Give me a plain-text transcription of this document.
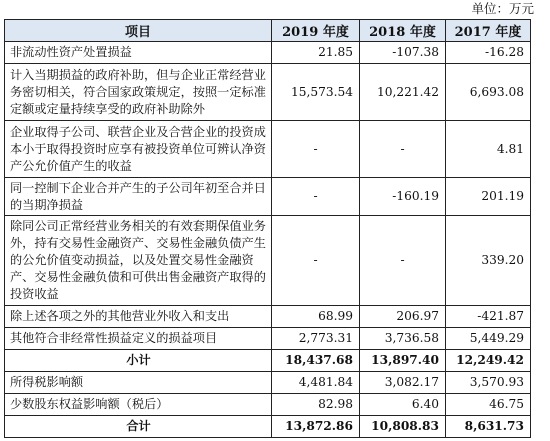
单位：万元
项目	2019 年度	2018 年度	2017 年度
非流动性资产处置损益	21.85	-107.38	-16.28
计入当期损益的政府补助，但与企业正常经营业务密切相关，符合国家政策规定，按照一定标准定额或定量持续享受的政府补助除外	15,573.54	10,221.42	6,693.08
企业取得子公司、联营企业及合营企业的投资成本小于取得投资时应享有被投资单位可辨认净资产公允价值产生的收益	-	-	4.81
同一控制下企业合并产生的子公司年初至合并日的当期净损益	-	-160.19	201.19
除同公司正常经营业务相关的有效套期保值业务外，持有交易性金融资产、交易性金融负债产生的公允价值变动损益，以及处置交易性金融资产、交易性金融负债和可供出售金融资产取得的投资收益	-	-	339.20
除上述各项之外的其他营业外收入和支出	68.99	206.97	-421.87
其他符合非经常性损益定义的损益项目	2,773.31	3,736.58	5,449.29
小计	18,437.68	13,897.40	12,249.42
所得税影响额	4,481.84	3,082.17	3,570.93
少数股东权益影响额（税后）	82.98	6.40	46.75
合计	13,872.86	10,808.83	8,631.73
